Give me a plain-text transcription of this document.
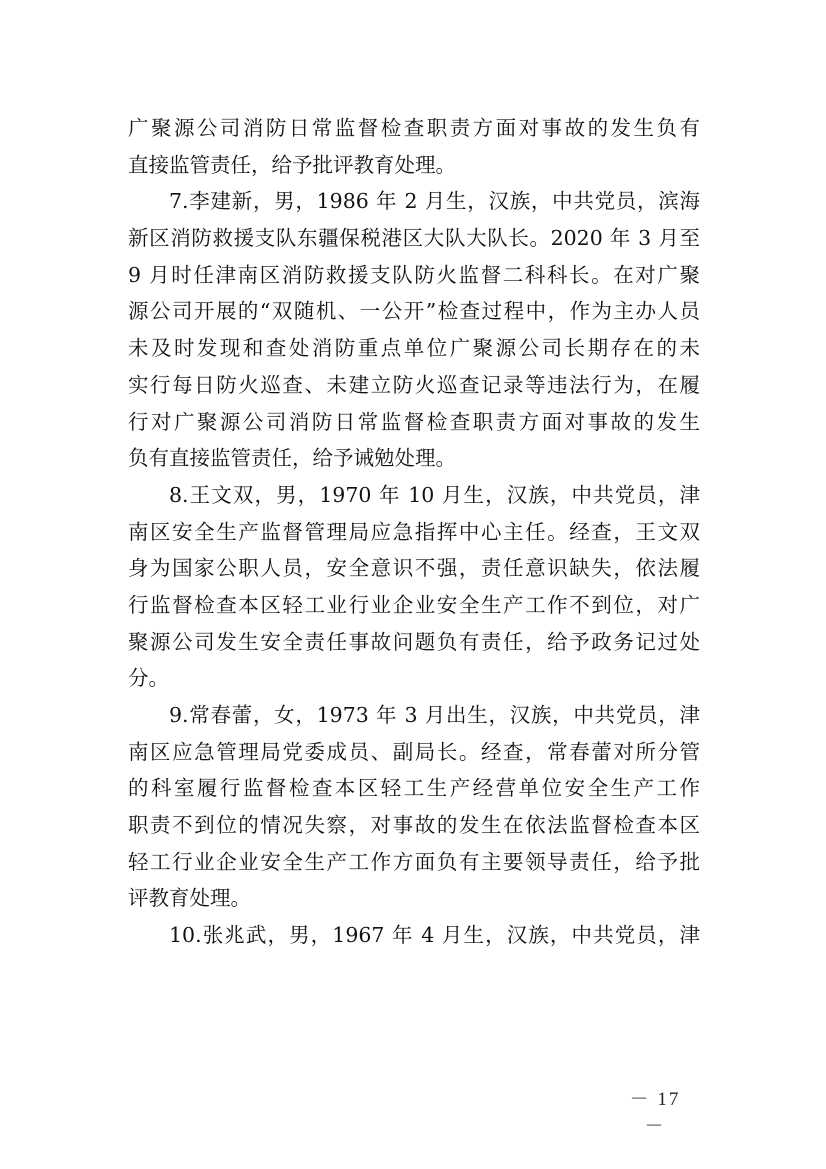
广聚源公司消防日常监督检查职责方面对事故的发生负有
直接监管责任，给予批评教育处理。
7.李建新，男，1986 年 2 月生，汉族，中共党员，滨海
新区消防救援支队东疆保税港区大队大队长。2020 年 3 月至
9 月时任津南区消防救援支队防火监督二科科长。在对广聚
源公司开展的“双随机、一公开”检查过程中，作为主办人员
未及时发现和查处消防重点单位广聚源公司长期存在的未
实行每日防火巡查、未建立防火巡查记录等违法行为，在履
行对广聚源公司消防日常监督检查职责方面对事故的发生
负有直接监管责任，给予诫勉处理。
8.王文双，男，1970 年 10 月生，汉族，中共党员，津
南区安全生产监督管理局应急指挥中心主任。经查，王文双
身为国家公职人员，安全意识不强，责任意识缺失，依法履
行监督检查本区轻工业行业企业安全生产工作不到位，对广
聚源公司发生安全责任事故问题负有责任，给予政务记过处
分。
9.常春蕾，女，1973 年 3 月出生，汉族，中共党员，津
南区应急管理局党委成员、副局长。经查，常春蕾对所分管
的科室履行监督检查本区轻工生产经营单位安全生产工作
职责不到位的情况失察，对事故的发生在依法监督检查本区
轻工行业企业安全生产工作方面负有主要领导责任，给予批
评教育处理。
10.张兆武，男，1967 年 4 月生，汉族，中共党员，津
－ 17 －
